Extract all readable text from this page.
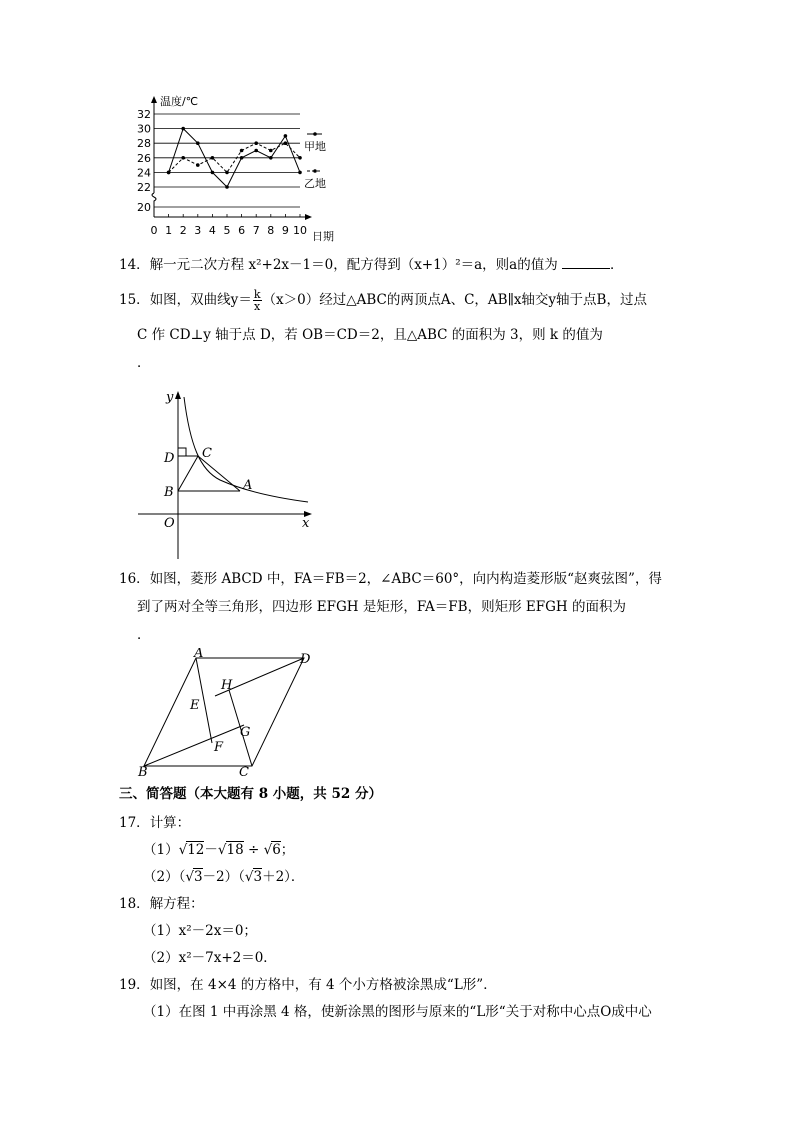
20
22
24
26
28
30
32
0 1 2 3 4 5 6 7 8 9 10
温度/℃
日期
甲地
乙地
14．解一元二次方程 x²+2x－1＝0，配方得到（x+1）²＝a，则a的值为	．
15．如图，双曲线$y= \frac{k}{x} (x>0)$经过△ABC的两顶点A、C，AB∥x轴交y轴于点B，过点
C 作 CD⊥y 轴于点 D，若 OB＝CD＝2，且△ABC 的面积为 3，则 k 的值为
．
y
x
O
B
D C
A
16．如图，菱形 ABCD 中，FA＝FB＝2，∠ABC＝60°，向内构造菱形版“赵爽弦图”，得
到了两对全等三角形，四边形 EFGH 是矩形，FA＝FB，则矩形 EFGH 的面积为
．
A	D
B	C
E
F
G
H
三、简答题（本大题有 8 小题，共 52 分）
17．计算：
（1）√12－√18 ÷ √6；
（2）（√3－2）（√3＋2）．
18．解方程：
（1）x²－2x＝0；
（2）x²－7x+2＝0．
19．如图，在 4×4 的方格中，有 4 个小方格被涂黑成“L形”．
（1）在图 1 中再涂黑 4 格，使新涂黑的图形与原来的“L形“关于对称中心点O成中心
